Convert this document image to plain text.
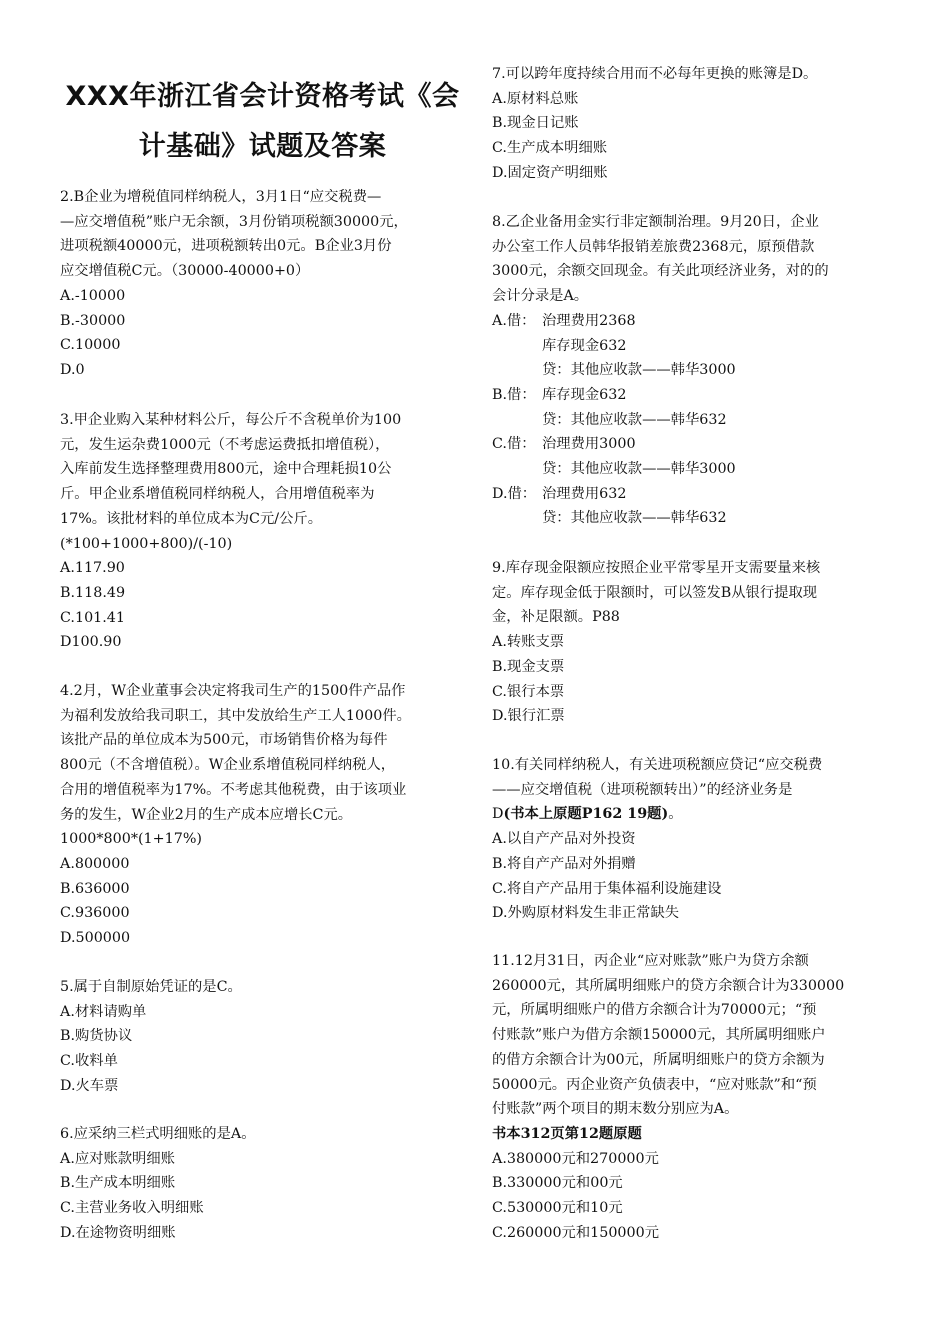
XXX年浙江省会计资格考试《会
计基础》试题及答案

2.B企业为增税值同样纳税人，3月1日“应交税费—

—应交增值税”账户无余额，3月份销项税额30000元，

进项税额40000元，进项税额转出0元。B企业3月份

应交增值税C元。（30000-40000+0）

A.-10000

B.-30000

C.10000

D.0

3.甲企业购入某种材料公斤，每公斤不含税单价为100

元，发生运杂费1000元（不考虑运费抵扣增值税），

入库前发生选择整理费用800元，途中合理耗损10公

斤。甲企业系增值税同样纳税人，合用增值税率为

17%。该批材料的单位成本为C元/公斤。

(*100+1000+800)/(-10)

A.117.90

B.118.49

C.101.41

D100.90

4.2月，W企业董事会决定将我司生产的1500件产品作

为福利发放给我司职工，其中发放给生产工人1000件。

该批产品的单位成本为500元，市场销售价格为每件

800元（不含增值税）。W企业系增值税同样纳税人，

合用的增值税率为17%。不考虑其他税费，由于该项业

务的发生，W企业2月的生产成本应增长C元。

1000*800*(1+17%)

A.800000

B.636000

C.936000

D.500000

5.属于自制原始凭证的是C。

A.材料请购单

B.购货协议

C.收料单

D.火车票

6.应采纳三栏式明细账的是A。

A.应对账款明细账

B.生产成本明细账

C.主营业务收入明细账

D.在途物资明细账

7.可以跨年度持续合用而不必每年更换的账簿是D。

A.原材料总账

B.现金日记账

C.生产成本明细账

D.固定资产明细账

8.乙企业备用金实行非定额制治理。9月20日，企业

办公室工作人员韩华报销差旅费2368元，原预借款

3000元，余额交回现金。有关此项经济业务，对的的

会计分录是A。

A.借： 治理费用2368

库存现金632

贷：其他应收款——韩华3000

B.借： 库存现金632

贷：其他应收款——韩华632

C.借： 治理费用3000

贷：其他应收款——韩华3000

D.借： 治理费用632

贷：其他应收款——韩华632

9.库存现金限额应按照企业平常零星开支需要量来核

定。库存现金低于限额时，可以签发B从银行提取现

金，补足限额。P88

A.转账支票

B.现金支票

C.银行本票

D.银行汇票

10.有关同样纳税人，有关进项税额应贷记“应交税费

——应交增值税（进项税额转出）”的经济业务是

D(书本上原题P162 19题)。

A.以自产产品对外投资

B.将自产产品对外捐赠

C.将自产产品用于集体福利设施建设

D.外购原材料发生非正常缺失

11.12月31日，丙企业“应对账款”账户为贷方余额

260000元，其所属明细账户的贷方余额合计为330000

元，所属明细账户的借方余额合计为70000元；“预

付账款”账户为借方余额150000元，其所属明细账户

的借方余额合计为00元，所属明细账户的贷方余额为

50000元。丙企业资产负债表中，“应对账款”和“预

付账款”两个项目的期末数分别应为A。

书本312页第12题原题

A.380000元和270000元

B.330000元和00元

C.530000元和10元

C.260000元和150000元
